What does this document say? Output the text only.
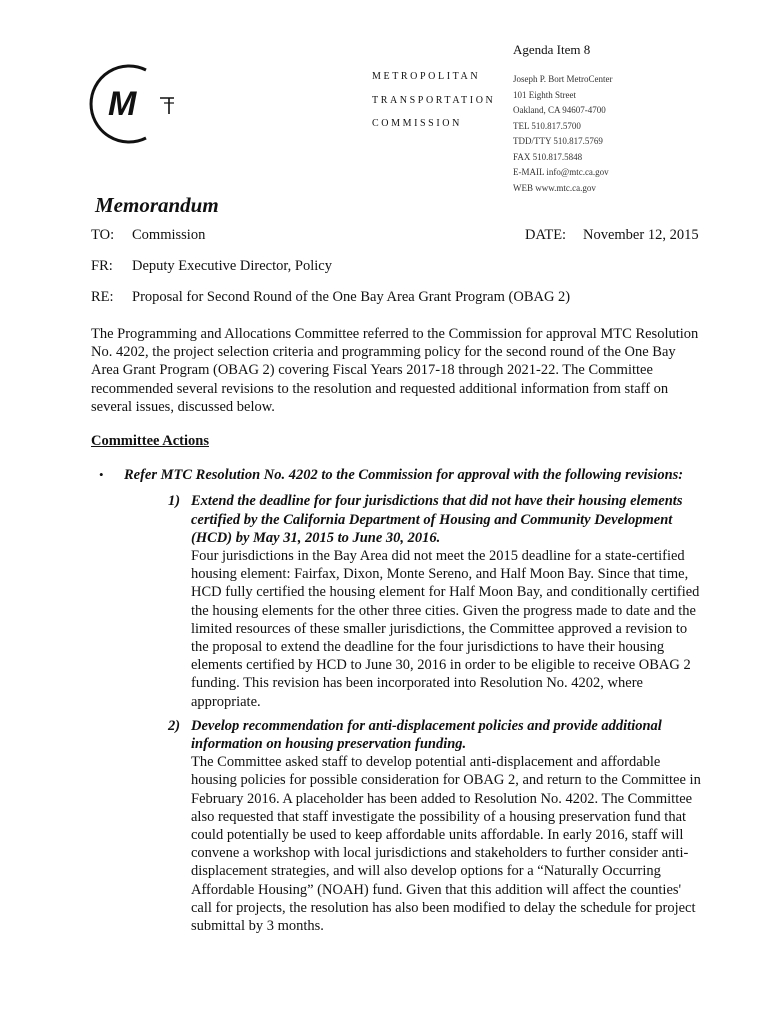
Agenda Item 8
M
METROPOLITAN
TRANSPORTATION
COMMISSION
Joseph P. Bort MetroCenter
101 Eighth Street
Oakland, CA 94607-4700
TEL 510.817.5700
TDD/TTY 510.817.5769
FAX 510.817.5848
E-MAIL info@mtc.ca.gov
WEB www.mtc.ca.gov
Memorandum
TO: Commission	DATE: November 12, 2015
FR: Deputy Executive Director, Policy
RE: Proposal for Second Round of the One Bay Area Grant Program (OBAG 2)

The Programming and Allocations Committee referred to the Commission for approval MTC Resolution No. 4202, the project selection criteria and programming policy for the second round of the One Bay Area Grant Program (OBAG 2) covering Fiscal Years 2017-18 through 2021-22. The Committee recommended several revisions to the resolution and requested additional information from staff on several issues, discussed below.

Committee Actions

• Refer MTC Resolution No. 4202 to the Commission for approval with the following revisions:
1) Extend the deadline for four jurisdictions that did not have their housing elements certified by the California Department of Housing and Community Development (HCD) by May 31, 2015 to June 30, 2016.
Four jurisdictions in the Bay Area did not meet the 2015 deadline for a state-certified housing element: Fairfax, Dixon, Monte Sereno, and Half Moon Bay. Since that time, HCD fully certified the housing element for Half Moon Bay, and conditionally certified the housing elements for the other three cities. Given the progress made to date and the limited resources of these smaller jurisdictions, the Committee approved a revision to the proposal to extend the deadline for the four jurisdictions to have their housing elements certified by HCD to June 30, 2016 in order to be eligible to receive OBAG 2 funding. This revision has been incorporated into Resolution No. 4202, where appropriate.
2) Develop recommendation for anti-displacement policies and provide additional information on housing preservation funding.
The Committee asked staff to develop potential anti-displacement and affordable housing policies for possible consideration for OBAG 2, and return to the Committee in February 2016. A placeholder has been added to Resolution No. 4202. The Committee also requested that staff investigate the possibility of a housing preservation fund that could potentially be used to keep affordable units affordable. In early 2016, staff will convene a workshop with local jurisdictions and stakeholders to further consider anti-displacement strategies, and will also develop options for a “Naturally Occurring Affordable Housing” (NOAH) fund. Given that this addition will affect the counties' call for projects, the resolution has also been modified to delay the schedule for project submittal by 3 months.
